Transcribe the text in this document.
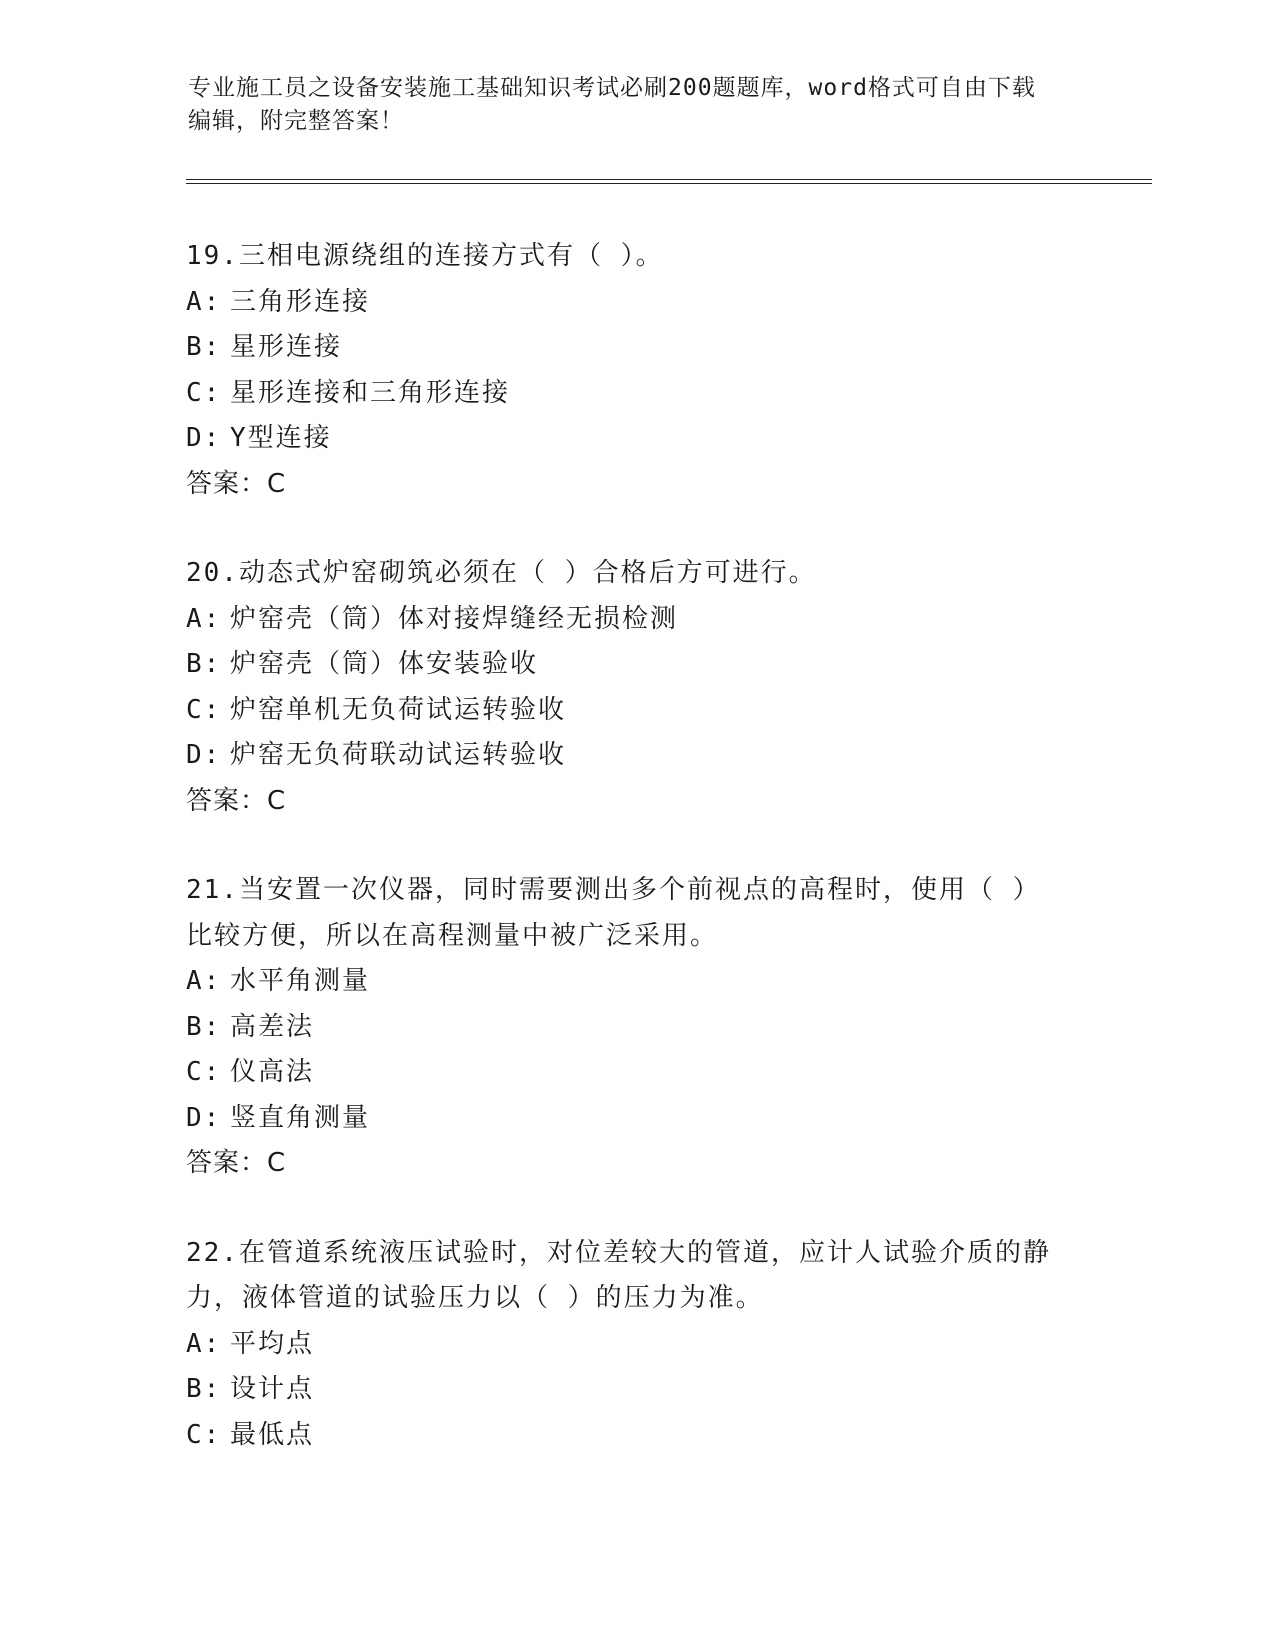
专业施工员之设备安装施工基础知识考试必刷200题题库，word格式可自由下载
编辑，附完整答案！
19.三相电源绕组的连接方式有（ ）。
A: 三角形连接
B: 星形连接
C: 星形连接和三角形连接
D: Y型连接
答案：C
20.动态式炉窑砌筑必须在（ ）合格后方可进行。
A: 炉窑壳（筒）体对接焊缝经无损检测
B: 炉窑壳（筒）体安装验收
C: 炉窑单机无负荷试运转验收
D: 炉窑无负荷联动试运转验收
答案：C
21.当安置一次仪器，同时需要测出多个前视点的高程时，使用（ ）
比较方便，所以在高程测量中被广泛采用。
A: 水平角测量
B: 高差法
C: 仪高法
D: 竖直角测量
答案：C
22.在管道系统液压试验时，对位差较大的管道，应计人试验介质的静
力，液体管道的试验压力以（ ）的压力为准。
A: 平均点
B: 设计点
C: 最低点
